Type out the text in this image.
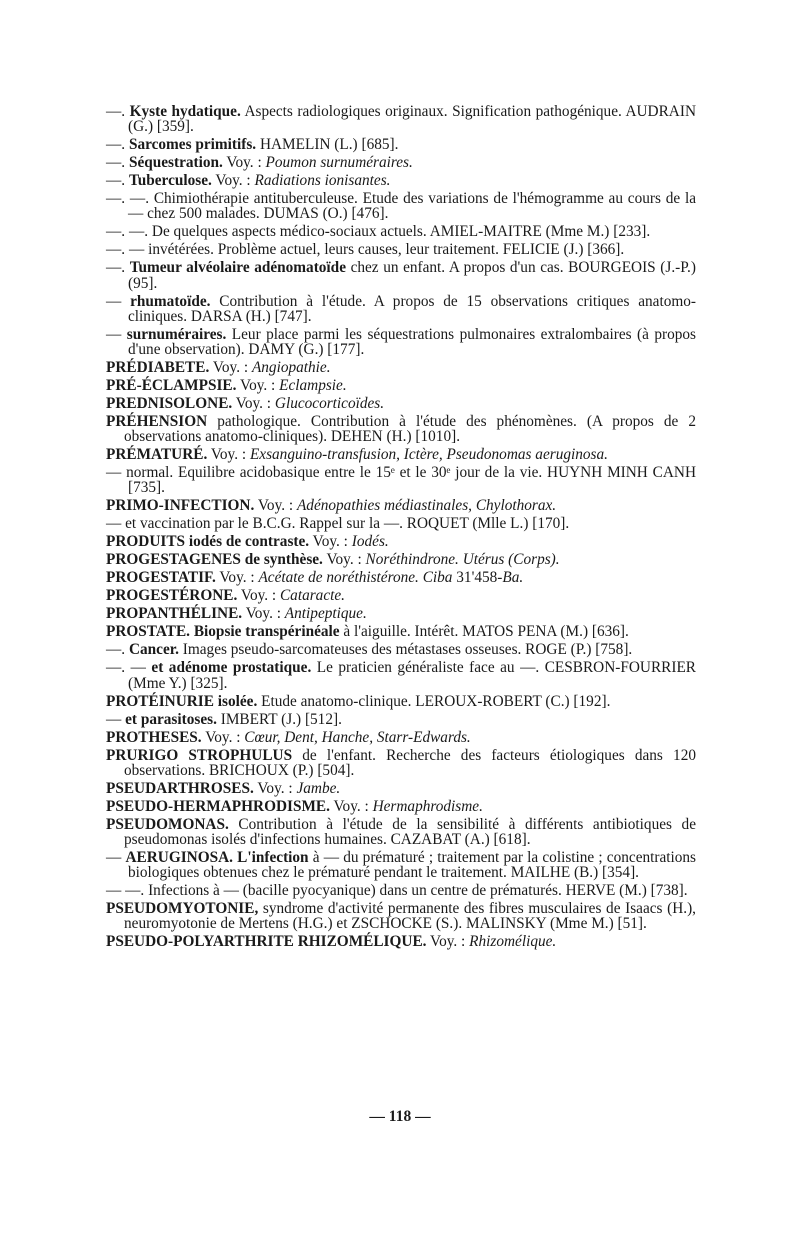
—. Kyste hydatique. Aspects radiologiques originaux. Signification pathogénique. AUDRAIN (G.) [359].
—. Sarcomes primitifs. HAMELIN (L.) [685].
—. Séquestration. Voy. : Poumon surnuméraires.
—. Tuberculose. Voy. : Radiations ionisantes.
—. —. Chimiothérapie antituberculeuse. Etude des variations de l'hémogramme au cours de la — chez 500 malades. DUMAS (O.) [476].
—. —. De quelques aspects médico-sociaux actuels. AMIEL-MAITRE (Mme M.) [233].
—. — invétérées. Problème actuel, leurs causes, leur traitement. FELICIE (J.) [366].
—. Tumeur alvéolaire adénomatoïde chez un enfant. A propos d'un cas. BOURGEOIS (J.-P.) (95].
— rhumatoïde. Contribution à l'étude. A propos de 15 observations critiques anatomo-cliniques. DARSA (H.) [747].
— surnuméraires. Leur place parmi les séquestrations pulmonaires extralombaires (à propos d'une observation). DAMY (G.) [177].
PRÉDIABETE. Voy. : Angiopathie.
PRÉ-ÉCLAMPSIE. Voy. : Eclampsie.
PREDNISOLONE. Voy. : Glucocorticoïdes.
PRÉHENSION pathologique. Contribution à l'étude des phénomènes. (A propos de 2 observations anatomo-cliniques). DEHEN (H.) [1010].
PRÉMATURÉ. Voy. : Exsanguino-transfusion, Ictère, Pseudonomas aeruginosa.
— normal. Equilibre acidobasique entre le 15ᵉ et le 30ᵉ jour de la vie. HUYNH MINH CANH [735].
PRIMO-INFECTION. Voy. : Adénopathies médiastinales, Chylothorax.
— et vaccination par le B.C.G. Rappel sur la —. ROQUET (Mlle L.) [170].
PRODUITS iodés de contraste. Voy. : Iodés.
PROGESTAGENES de synthèse. Voy. : Noréthindrone. Utérus (Corps).
PROGESTATIF. Voy. : Acétate de noréthistérone. Ciba 31'458-Ba.
PROGESTÉRONE. Voy. : Cataracte.
PROPANTHÉLINE. Voy. : Antipeptique.
PROSTATE. Biopsie transpérinéale à l'aiguille. Intérêt. MATOS PENA (M.) [636].
—. Cancer. Images pseudo-sarcomateuses des métastases osseuses. ROGE (P.) [758].
—. — et adénome prostatique. Le praticien généraliste face au —. CESBRON-FOURRIER (Mme Y.) [325].
PROTÉINURIE isolée. Etude anatomo-clinique. LEROUX-ROBERT (C.) [192].
— et parasitoses. IMBERT (J.) [512].
PROTHESES. Voy. : Cœur, Dent, Hanche, Starr-Edwards.
PRURIGO STROPHULUS de l'enfant. Recherche des facteurs étiologiques dans 120 observations. BRICHOUX (P.) [504].
PSEUDARTHROSES. Voy. : Jambe.
PSEUDO-HERMAPHRODISME. Voy. : Hermaphrodisme.
PSEUDOMONAS. Contribution à l'étude de la sensibilité à différents antibiotiques de pseudomonas isolés d'infections humaines. CAZABAT (A.) [618].
— AERUGINOSA. L'infection à — du prématuré ; traitement par la colistine ; concentrations biologiques obtenues chez le prématuré pendant le traitement. MAILHE (B.) [354].
— —. Infections à — (bacille pyocyanique) dans un centre de prématurés. HERVE (M.) [738].
PSEUDOMYOTONIE, syndrome d'activité permanente des fibres musculaires de Isaacs (H.), neuromyotonie de Mertens (H.G.) et ZSCHOCKE (S.). MALINSKY (Mme M.) [51].
PSEUDO-POLYARTHRITE RHIZOMÉLIQUE. Voy. : Rhizomélique.
— 118 —
